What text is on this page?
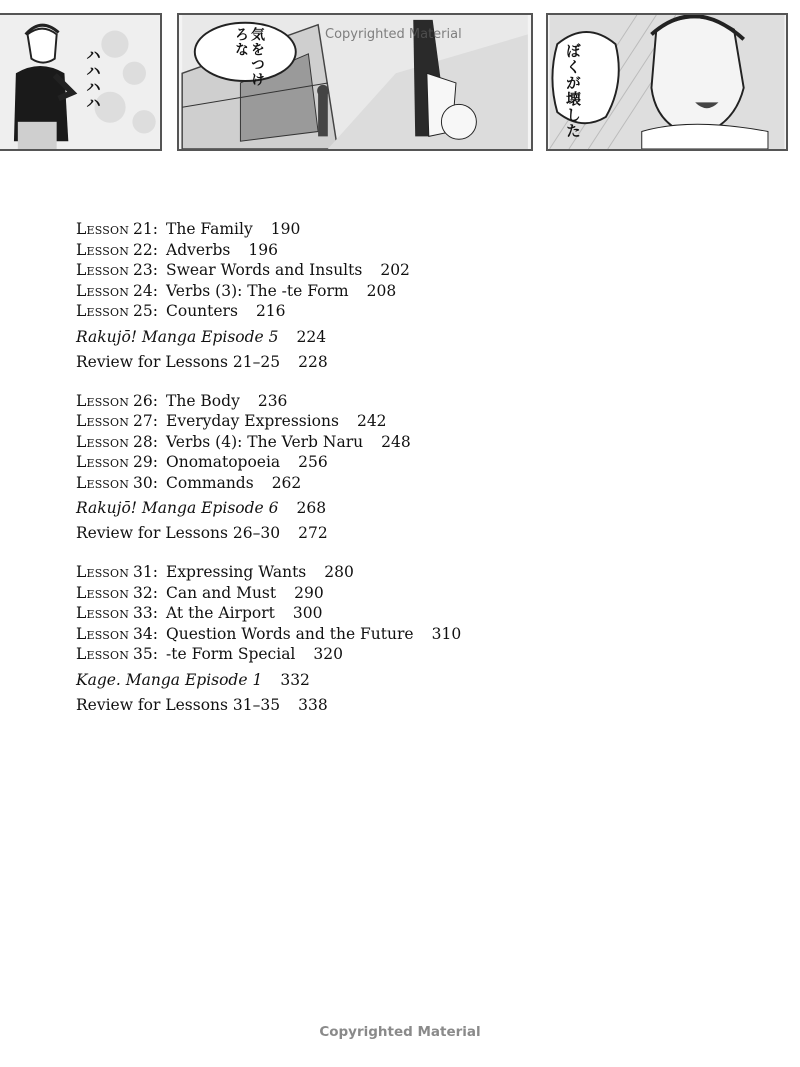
ハハハハ	気をつけろな	Copyrighted Material
ぼくが壊した
Lesson 21: The Family 190
Lesson 22: Adverbs 196
Lesson 23: Swear Words and Insults 202
Lesson 24: Verbs (3): The -te Form 208
Lesson 25: Counters 216
Rakujō! Manga Episode 5 224
Review for Lessons 21–25 228
Lesson 26: The Body 236
Lesson 27: Everyday Expressions 242
Lesson 28: Verbs (4): The Verb Naru 248
Lesson 29: Onomatopoeia 256
Lesson 30: Commands 262
Rakujō! Manga Episode 6 268
Review for Lessons 26–30 272
Lesson 31: Expressing Wants 280
Lesson 32: Can and Must 290
Lesson 33: At the Airport 300
Lesson 34: Question Words and the Future 310
Lesson 35: -te Form Special 320
Kage. Manga Episode 1 332
Review for Lessons 31–35 338
Copyrighted Material
